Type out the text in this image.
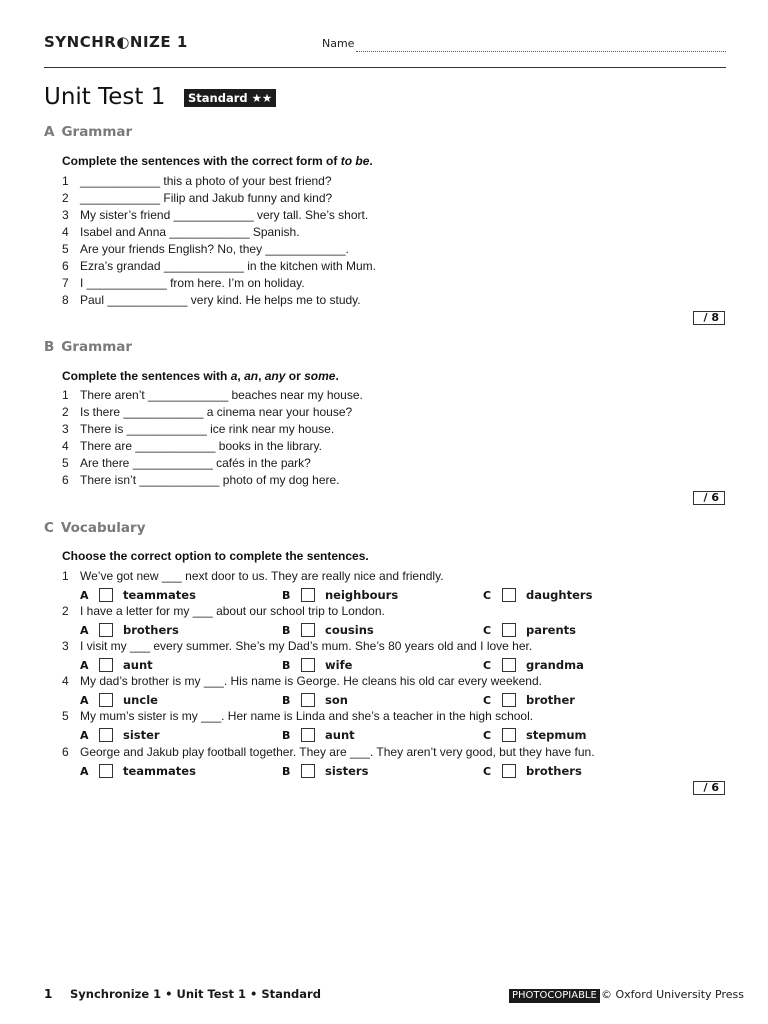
SYNCHR◐NIZE 1	Name
Unit Test 1	Standard ★★
A Grammar
Complete the sentences with the correct form of to be.
1 ____________ this a photo of your best friend?
2 ____________ Filip and Jakub funny and kind?
3 My sister’s friend ____________ very tall. She’s short.
4 Isabel and Anna ____________ Spanish.
5 Are your friends English? No, they ____________.
6 Ezra’s grandad ____________ in the kitchen with Mum.
7 I ____________ from here. I’m on holiday.
8 Paul ____________ very kind. He helps me to study.
/ 8
B Grammar
Complete the sentences with a, an, any or some.
1 There aren’t ____________ beaches near my house.
2 Is there ____________ a cinema near your house?
3 There is ____________ ice rink near my house.
4 There are ____________ books in the library.
5 Are there ____________ cafés in the park?
6 There isn’t ____________ photo of my dog here.
/ 6
C Vocabulary
Choose the correct option to complete the sentences.
1 We’ve got new ___ next door to us. They are really nice and friendly.
A	teammates	B	neighbours	C	daughters
2 I have a letter for my ___ about our school trip to London.
A	brothers	B	cousins	C	parents
3 I visit my ___ every summer. She’s my Dad’s mum. She’s 80 years old and I love her.
A	aunt	B	wife	C	grandma
4 My dad’s brother is my ___. His name is George. He cleans his old car every weekend.
A	uncle	B	son	C	brother
5 My mum’s sister is my ___. Her name is Linda and she’s a teacher in the high school.
A	sister	B	aunt	C	stepmum
6 George and Jakub play football together. They are ___. They aren’t very good, but they have fun.
A	teammates	B	sisters	C	brothers
/ 6
1 Synchronize 1 • Unit Test 1 • Standard	PHOTOCOPIABLE © Oxford University Press
